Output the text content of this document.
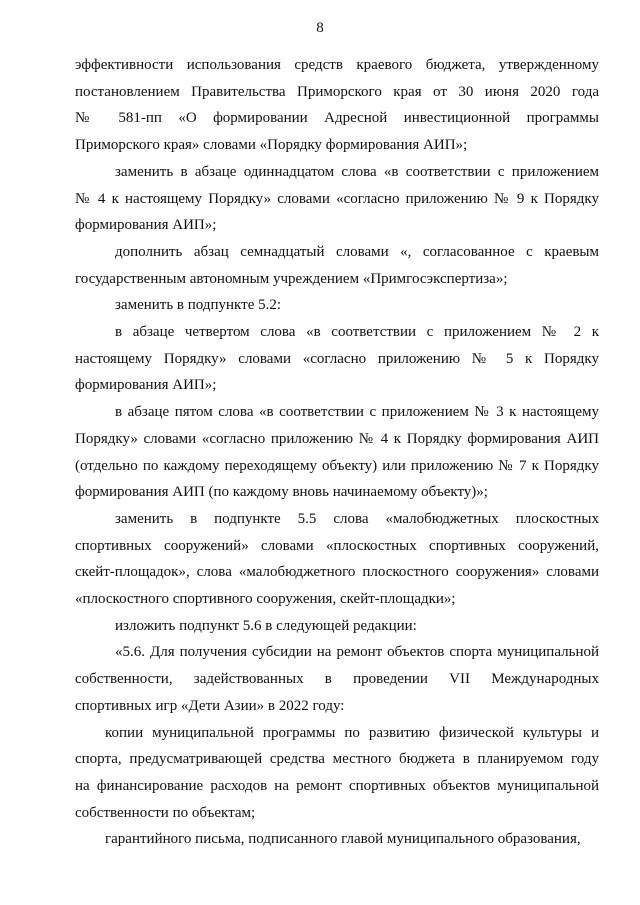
8
эффективности использования средств краевого бюджета, утвержденному
постановлением Правительства Приморского края от 30 июня 2020 года
№ 581-пп «О формировании Адресной инвестиционной программы
Приморского края» словами «Порядку формирования АИП»;
заменить в абзаце одиннадцатом слова «в соответствии с приложением
№ 4 к настоящему Порядку» словами «согласно приложению № 9 к Порядку
формирования АИП»;
дополнить абзац семнадцатый словами «, согласованное с краевым
государственным автономным учреждением «Примгосэкспертиза»;
заменить в подпункте 5.2:
в абзаце четвертом слова «в соответствии с приложением № 2 к
настоящему Порядку» словами «согласно приложению № 5 к Порядку
формирования АИП»;
в абзаце пятом слова «в соответствии с приложением № 3 к настоящему
Порядку» словами «согласно приложению № 4 к Порядку формирования АИП
(отдельно по каждому переходящему объекту) или приложению № 7 к Порядку
формирования АИП (по каждому вновь начинаемому объекту)»;
заменить в подпункте 5.5 слова «малобюджетных плоскостных
спортивных сооружений» словами «плоскостных спортивных сооружений,
скейт-площадок», слова «малобюджетного плоскостного сооружения» словами
«плоскостного спортивного сооружения, скейт-площадки»;
изложить подпункт 5.6 в следующей редакции:
«5.6. Для получения субсидии на ремонт объектов спорта муниципальной
собственности, задействованных в проведении VII Международных
спортивных игр «Дети Азии» в 2022 году:
копии муниципальной программы по развитию физической культуры и
спорта, предусматривающей средства местного бюджета в планируемом году
на финансирование расходов на ремонт спортивных объектов муниципальной
собственности по объектам;
гарантийного письма, подписанного главой муниципального образования,
